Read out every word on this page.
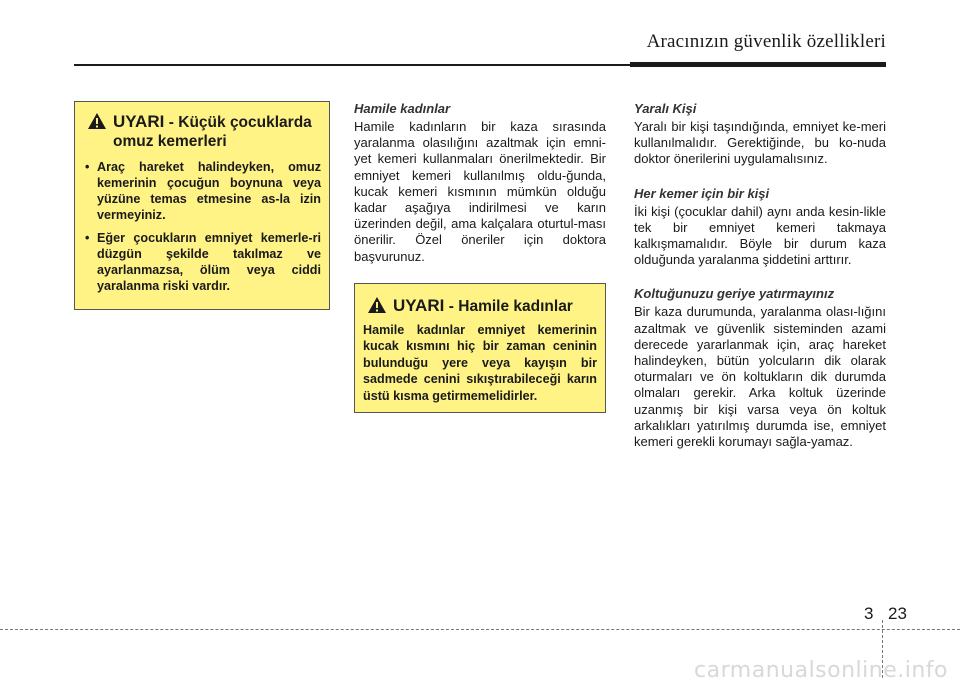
Aracınızın güvenlik özellikleri
UYARI - Küçük çocuklarda
omuz kemerleri
• Araç hareket halindeyken, omuz kemerinin çocuğun boynuna veya yüzüne temas etmesine as-la izin vermeyiniz.
• Eğer çocukların emniyet kemerle-ri düzgün şekilde takılmaz ve ayarlanmazsa, ölüm veya ciddi yaralanma riski vardır.
Hamile kadınlar

Hamile kadınların bir kaza sırasında yaralanma olasılığını azaltmak için emni-yet kemeri kullanmaları önerilmektedir. Bir emniyet kemeri kullanılmış oldu-ğunda, kucak kemeri kısmının mümkün olduğu kadar aşağıya indirilmesi ve karın üzerinden değil, ama kalçalara oturtul-ması önerilir. Özel öneriler için doktora başvurunuz.

UYARI - Hamile kadınlar
Hamile kadınlar emniyet kemerinin kucak kısmını hiç bir zaman ceninin bulunduğu yere veya kayışın bir sadmede cenini sıkıştırabileceği karın üstü kısma getirmemelidirler.
Yaralı Kişi

Yaralı bir kişi taşındığında, emniyet ke-meri kullanılmalıdır. Gerektiğinde, bu ko-nuda doktor önerilerini uygulamalısınız.

Her kemer için bir kişi

İki kişi (çocuklar dahil) aynı anda kesin-likle tek bir emniyet kemeri takmaya kalkışmamalıdır. Böyle bir durum kaza olduğunda yaralanma şiddetini arttırır.

Koltuğunuzu geriye yatırmayınız

Bir kaza durumunda, yaralanma olası-lığını azaltmak ve güvenlik sisteminden azami derecede yararlanmak için, araç hareket halindeyken, bütün yolcuların dik olarak oturmaları ve ön koltukların dik durumda olmaları gerekir. Arka koltuk üzerinde uzanmış bir kişi varsa veya ön koltuk arkalıkları yatırılmış durumda ise, emniyet kemeri gerekli korumayı sağla-yamaz.

3 23
carmanualsonline.info
